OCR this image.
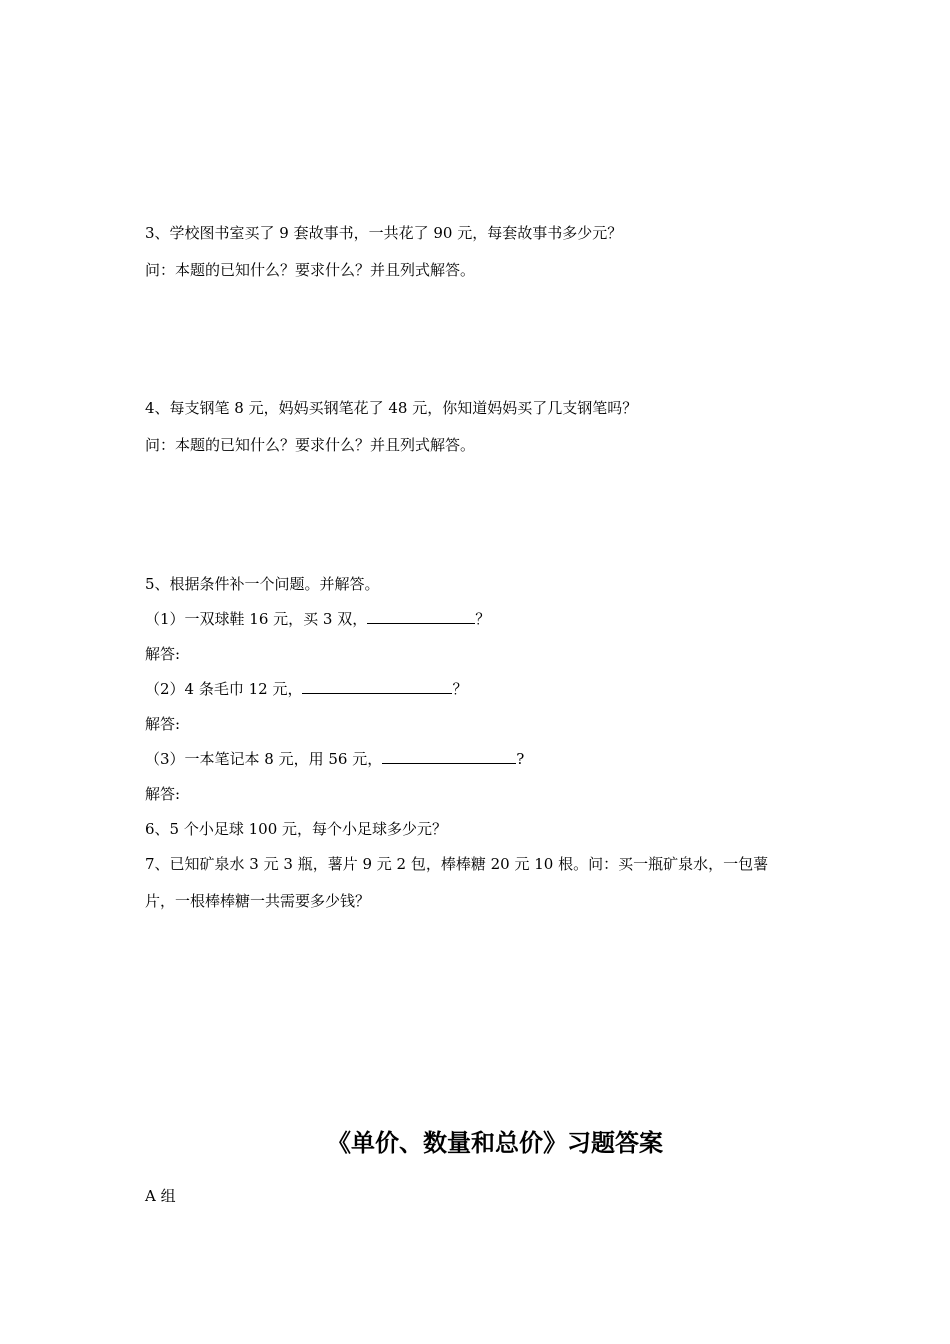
3、学校图书室买了 9 套故事书，一共花了 90 元，每套故事书多少元？
问：本题的已知什么？要求什么？并且列式解答。
4、每支钢笔 8 元，妈妈买钢笔花了 48 元，你知道妈妈买了几支钢笔吗？
问：本题的已知什么？要求什么？并且列式解答。
5、根据条件补一个问题。并解答。
（1）一双球鞋 16 元，买 3 双，	？
解答:
（2）4 条毛巾 12 元，	？
解答:
（3）一本笔记本 8 元，用 56 元，	?
解答:
6、5 个小足球 100 元，每个小足球多少元？
7、已知矿泉水 3 元 3 瓶，薯片 9 元 2 包，棒棒糖 20 元 10 根。问：买一瓶矿泉水，一包薯
片，一根棒棒糖一共需要多少钱？
《单价、数量和总价》习题答案
A 组
